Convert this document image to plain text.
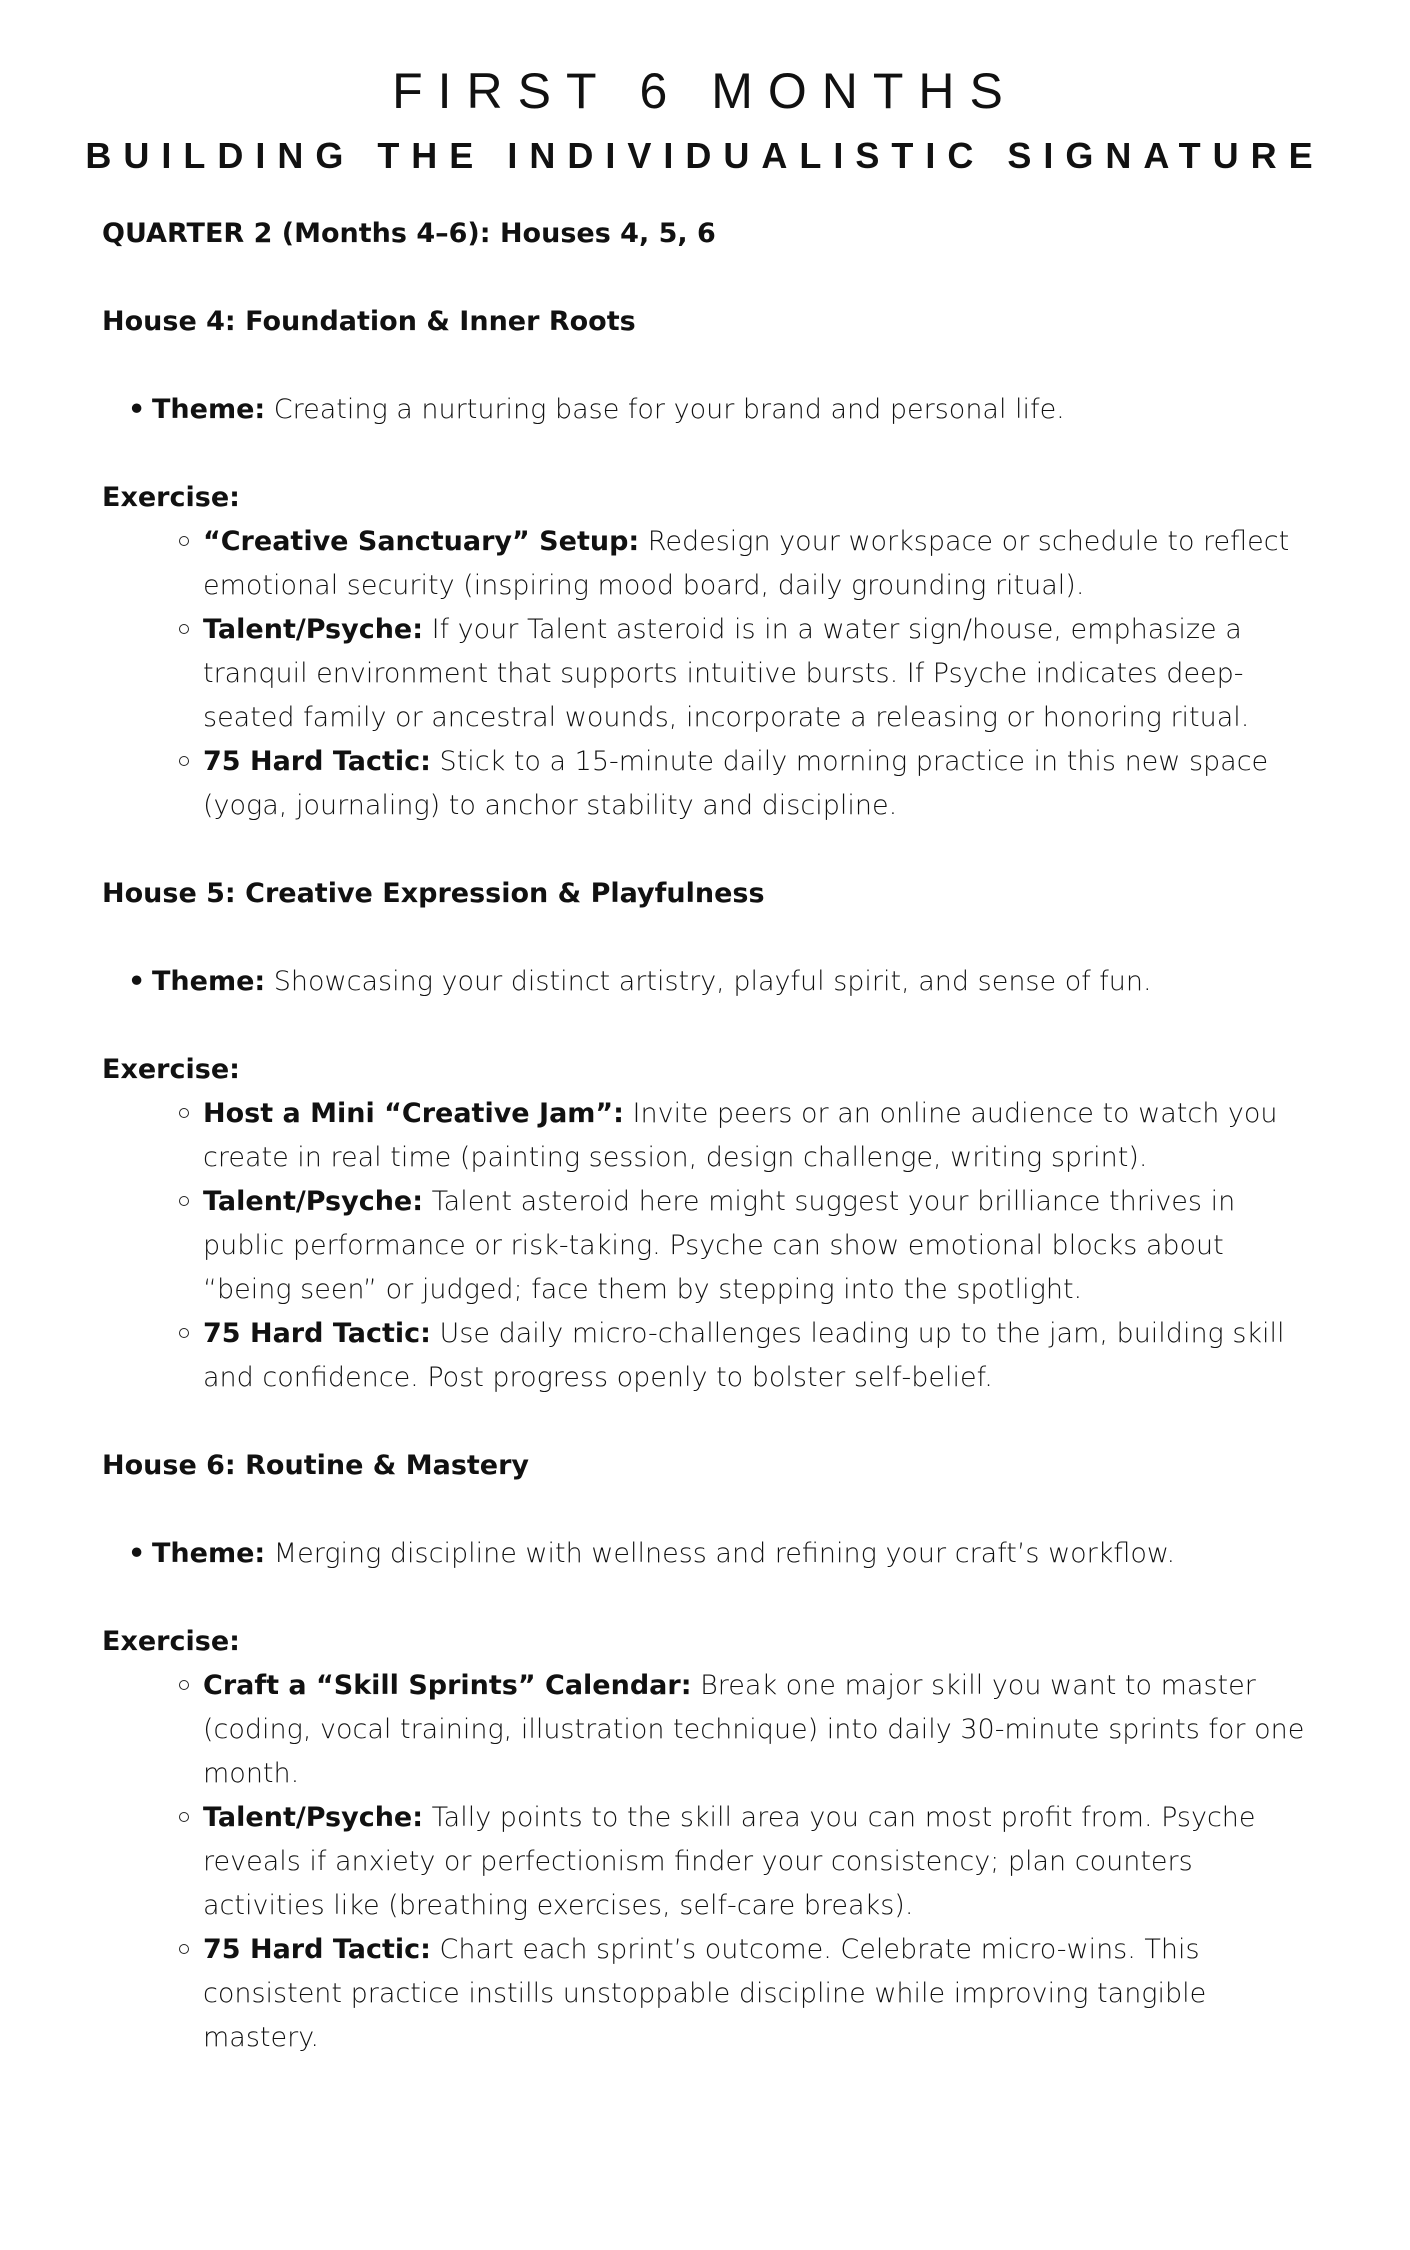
FIRST 6 MONTHS
BUILDING THE INDIVIDUALISTIC SIGNATURE
QUARTER 2 (Months 4–6): Houses 4, 5, 6
House 4: Foundation & Inner Roots
• Theme: Creating a nurturing base for your brand and personal life.
Exercise:
“Creative Sanctuary” Setup: Redesign your workspace or schedule to reflect emotional security (inspiring mood board, daily grounding ritual).
Talent/Psyche: If your Talent asteroid is in a water sign/house, emphasize a tranquil environment that supports intuitive bursts. If Psyche indicates deep-seated family or ancestral wounds, incorporate a releasing or honoring ritual.
75 Hard Tactic: Stick to a 15-minute daily morning practice in this new space (yoga, journaling) to anchor stability and discipline.
House 5: Creative Expression & Playfulness
• Theme: Showcasing your distinct artistry, playful spirit, and sense of fun.
Exercise:
Host a Mini “Creative Jam”: Invite peers or an online audience to watch you create in real time (painting session, design challenge, writing sprint).
Talent/Psyche: Talent asteroid here might suggest your brilliance thrives in public performance or risk-taking. Psyche can show emotional blocks about “being seen” or judged; face them by stepping into the spotlight.
75 Hard Tactic: Use daily micro-challenges leading up to the jam, building skill and confidence. Post progress openly to bolster self-belief.
House 6: Routine & Mastery
• Theme: Merging discipline with wellness and refining your craft’s workflow.
Exercise:
Craft a “Skill Sprints” Calendar: Break one major skill you want to master (coding, vocal training, illustration technique) into daily 30-minute sprints for one month.
Talent/Psyche: Tally points to the skill area you can most profit from. Psyche reveals if anxiety or perfectionism finder your consistency; plan counters activities like (breathing exercises, self-care breaks).
75 Hard Tactic: Chart each sprint’s outcome. Celebrate micro-wins. This consistent practice instills unstoppable discipline while improving tangible mastery.
